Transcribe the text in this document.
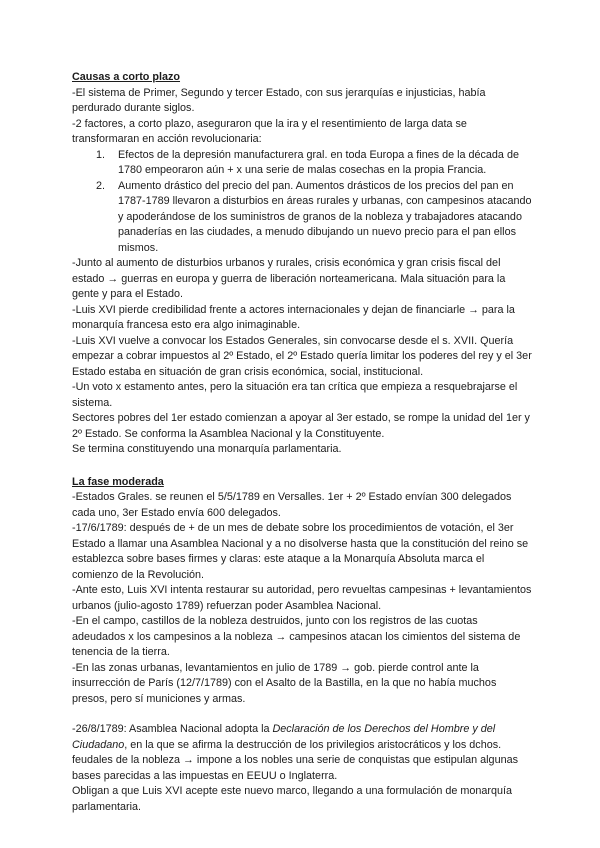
Causas a corto plazo

-El sistema de Primer, Segundo y tercer Estado, con sus jerarquías e injusticias, había perdurado durante siglos.

-2 factores, a corto plazo, aseguraron que la ira y el resentimiento de larga data se transformaran en acción revolucionaria:

1. Efectos de la depresión manufacturera gral. en toda Europa a fines de la década de 1780 empeoraron aún + x una serie de malas cosechas en la propia Francia.
2. Aumento drástico del precio del pan. Aumentos drásticos de los precios del pan en 1787-1789 llevaron a disturbios en áreas rurales y urbanas, con campesinos atacando y apoderándose de los suministros de granos de la nobleza y trabajadores atacando panaderías en las ciudades, a menudo dibujando un nuevo precio para el pan ellos mismos.

-Junto al aumento de disturbios urbanos y rurales, crisis económica y gran crisis fiscal del estado → guerras en europa y guerra de liberación norteamericana. Mala situación para la gente y para el Estado.

-Luis XVI pierde credibilidad frente a actores internacionales y dejan de financiarle → para la monarquía francesa esto era algo inimaginable.

-Luis XVI vuelve a convocar los Estados Generales, sin convocarse desde el s. XVII. Quería empezar a cobrar impuestos al 2º Estado, el 2º Estado quería limitar los poderes del rey y el 3er Estado estaba en situación de gran crisis económica, social, institucional.

-Un voto x estamento antes, pero la situación era tan crítica que empieza a resquebrajarse el sistema.

Sectores pobres del 1er estado comienzan a apoyar al 3er estado, se rompe la unidad del 1er y 2º Estado. Se conforma la Asamblea Nacional y la Constituyente.

Se termina constituyendo una monarquía parlamentaria.

La fase moderada

-Estados Grales. se reunen el 5/5/1789 en Versalles. 1er + 2º Estado envían 300 delegados cada uno, 3er Estado envía 600 delegados.

-17/6/1789: después de + de un mes de debate sobre los procedimientos de votación, el 3er Estado a llamar una Asamblea Nacional y a no disolverse hasta que la constitución del reino se establezca sobre bases firmes y claras: este ataque a la Monarquía Absoluta marca el comienzo de la Revolución.

-Ante esto, Luis XVI intenta restaurar su autoridad, pero revueltas campesinas + levantamientos urbanos (julio-agosto 1789) refuerzan poder Asamblea Nacional.

-En el campo, castillos de la nobleza destruidos, junto con los registros de las cuotas adeudados x los campesinos a la nobleza → campesinos atacan los cimientos del sistema de tenencia de la tierra.

-En las zonas urbanas, levantamientos en julio de 1789 → gob. pierde control ante la insurrección de París (12/7/1789) con el Asalto de la Bastilla, en la que no había muchos presos, pero sí municiones y armas.

-26/8/1789: Asamblea Nacional adopta la Declaración de los Derechos del Hombre y del Ciudadano, en la que se afirma la destrucción de los privilegios aristocráticos y los dchos. feudales de la nobleza → impone a los nobles una serie de conquistas que estipulan algunas bases parecidas a las impuestas en EEUU o Inglaterra.

Obligan a que Luis XVI acepte este nuevo marco, llegando a una formulación de monarquía parlamentaria.
